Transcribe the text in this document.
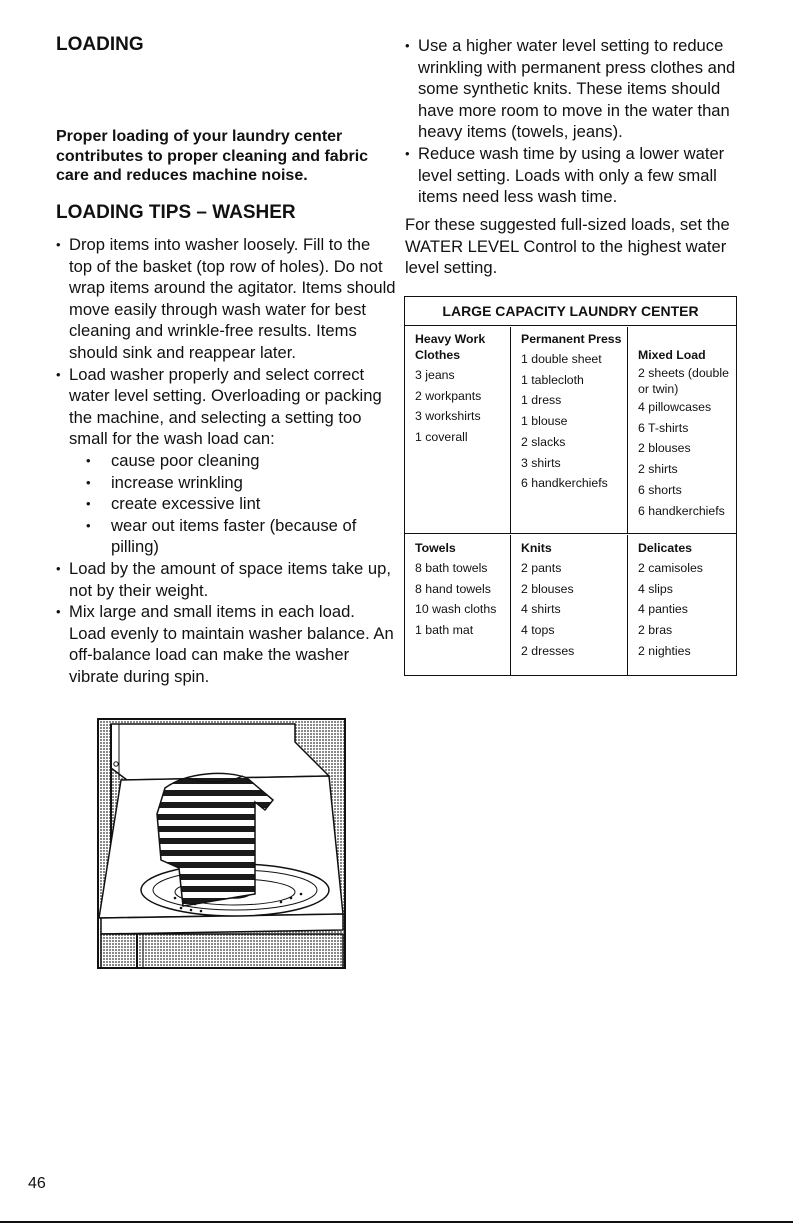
LOADING
Proper loading of your laundry center contributes to proper cleaning and fabric care and reduces machine noise.
LOADING TIPS – WASHER
• Drop items into washer loosely. Fill to the top of the basket (top row of holes). Do not wrap items around the agitator. Items should move easily through wash water for best cleaning and wrinkle-free results. Items should sink and reappear later.
• Load washer properly and select correct water level setting. Overloading or packing the machine, and selecting a setting too small for the wash load can:
• cause poor cleaning
• increase wrinkling
• create excessive lint
• wear out items faster (because of pilling)
• Load by the amount of space items take up, not by their weight.
• Mix large and small items in each load. Load evenly to maintain washer balance. An off-balance load can make the washer vibrate during spin.
• Use a higher water level setting to reduce wrinkling with permanent press clothes and some synthetic knits. These items should have more room to move in the water than heavy items (towels, jeans).
• Reduce wash time by using a lower water level setting. Loads with only a few small items need less wash time.
For these suggested full-sized loads, set the WATER LEVEL Control to the highest water level setting.
LARGE CAPACITY LAUNDRY CENTER
Heavy Work Clothes
3 jeans
2 workpants
3 workshirts
1 coverall
Permanent Press
1 double sheet
1 tablecloth
1 dress
1 blouse
2 slacks
3 shirts
6 handkerchiefs
Mixed Load
2 sheets (double or twin)
4 pillowcases
6 T-shirts
2 blouses
2 shirts
6 shorts
6 handkerchiefs
Towels
8 bath towels
8 hand towels
10 wash cloths
1 bath mat
Knits
2 pants
2 blouses
4 shirts
4 tops
2 dresses
Delicates
2 camisoles
4 slips
4 panties
2 bras
2 nighties
46
